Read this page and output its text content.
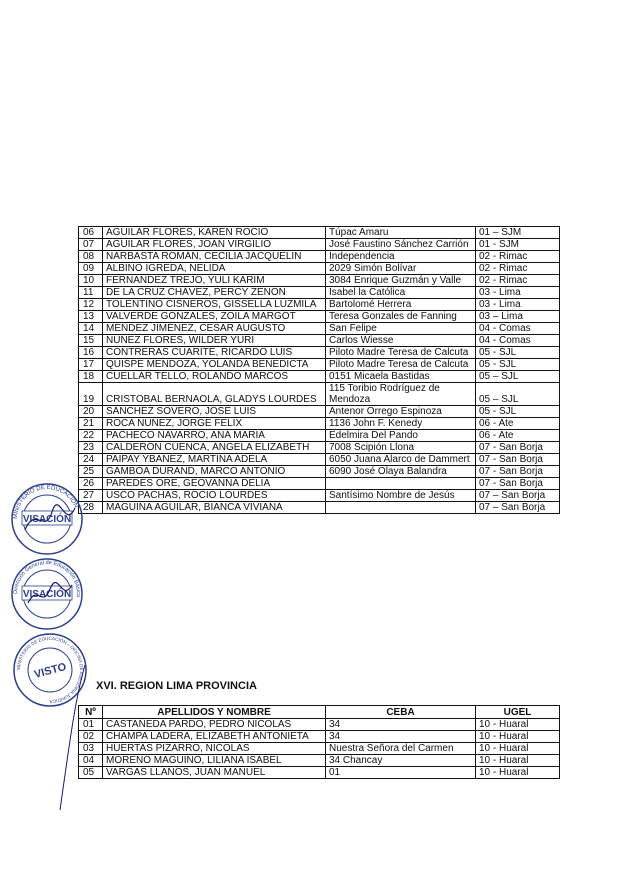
06	AGUILAR FLORES, KAREN ROCIO	Túpac Amaru	01 – SJM
07	AGUILAR FLORES, JOAN VIRGILIO	José Faustino Sánchez Carrión	01 - SJM
08	NARBASTA ROMÁN, CECILIA JACQUELIN	Independencia	02 - Rimac
09	ALBINO IGREDA, NELIDA	2029 Simón Bolívar	02 - Rimac
10	FERNANDEZ TREJO, YULI KARIM	3084 Enrique Guzmán y Valle	02 - Rimac
11	DE LA CRUZ CHÁVEZ, PERCY ZENON	Isabel la Católica	03 - Lima
12	TOLENTINO CISNEROS, GISSELLA LUZMILA	Bartolomé Herrera	03 - Lima
13	VALVERDE GONZALES, ZOILA MARGOT	Teresa Gonzales de Fanning	03 – Lima
14	MÉNDEZ JIMÉNEZ, CESAR AUGUSTO	San Felipe	04 - Comas
15	NUÑEZ FLORES, WILDER YURI	Carlos Wiesse	04 - Comas
16	CONTRERAS CUARITE, RICARDO LUIS	Piloto Madre Teresa de Calcuta	05 - SJL
17	QUISPE MENDOZA, YOLANDA BENEDICTA	Piloto Madre Teresa de Calcuta	05 - SJL
18	CUELLAR TELLO, ROLANDO MARCOS	0151 Micaela Bastidas	05 – SJL
19	CRISTOBAL BERNAOLA, GLADYS LOURDES	115 Toribio Rodríguez de Mendoza	05 – SJL
20	SÁNCHEZ SOVERO, JOSE LUIS	Antenor Orrego Espinoza	05 - SJL
21	ROCA NUÑEZ, JORGE FELIX	1136 John F. Kenedy	06 - Ate
22	PACHECO NAVARRO, ANA MARIA	Edelmira Del Pando	06 - Ate
23	CALDERÓN CUENCA, ÁNGELA ELIZABETH	7008 Scipión Llona	07 - San Borja
24	PAIPAY YBAÑEZ, MARTINA ADELA	6050 Juana Alarco de Dammert	07 - San Borja
25	GAMBOA DURAND, MARCO ANTONIO	6090 José Olaya Balandra	07 - San Borja
26	PAREDES ORÉ, GEOVANNA DELIA		07 - San Borja
27	USCO PACHAS, ROCIO LOURDES	Santísimo Nombre de Jesús	07 – San Borja
28	MAGUIÑA AGUILAR, BIANCA VIVIANA		07 – San Borja
XVI. REGION LIMA PROVINCIA
Nº	APELLIDOS Y NOMBRE	CEBA	UGEL
01	CASTAÑEDA PARDO, PEDRO NICOLAS	34	10 - Huaral
02	CHAMPA LADERA, ELIZABETH ANTONIETA	34	10 - Huaral
03	HUERTAS PIZARRO, NICOLAS	Nuestra Señora del Carmen	10 - Huaral
04	MORENO MAGUIÑO, LILIANA ISABEL	34 Chancay	10 - Huaral
05	VARGAS LLANOS, JUAN MANUEL	01	10 - Huaral
MINISTERIO DE EDUCACIÓN
VISACIÓN
Dirección General de Educación Básica
VISACIÓN
MINISTERIO DE EDUCACIÓN – OFICINA DE ASESORÍA JURÍDICA
VISTO
